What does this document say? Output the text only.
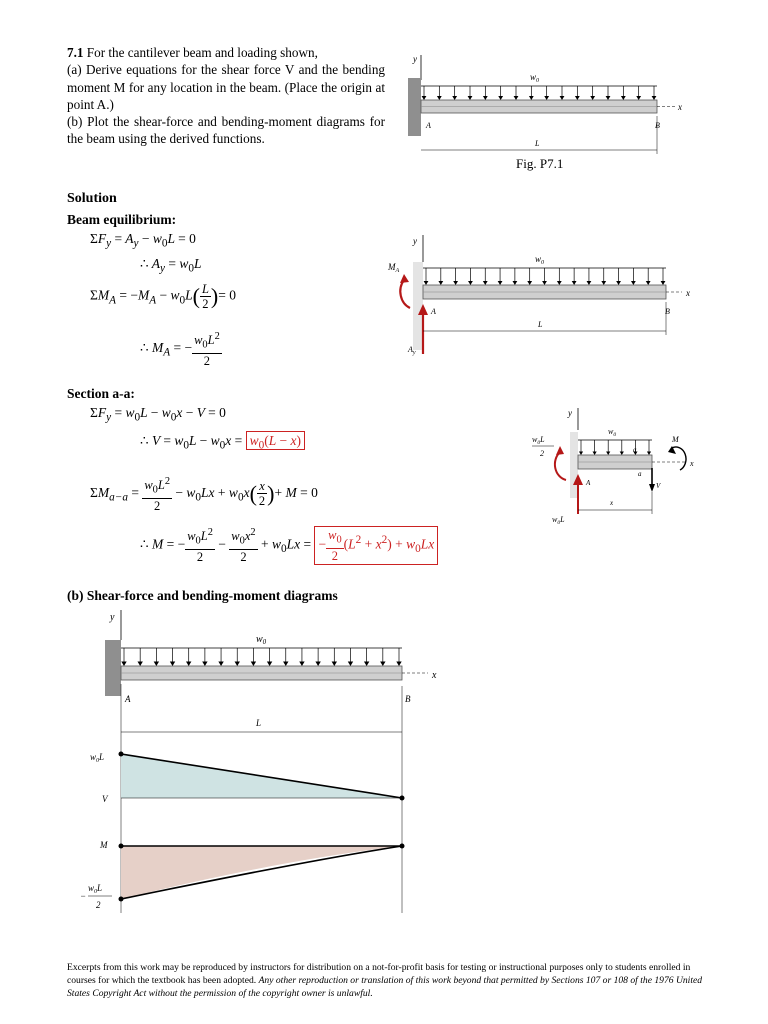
7.1 For the cantilever beam and loading shown,
(a) Derive equations for the shear force V and the bending moment M for any location in the beam. (Place the origin at point A.)
(b) Plot the shear-force and bending-moment diagrams for the beam using the derived functions.
y
x
$w_0$
A	B
L
Fig. P7.1
Solution
Beam equilibrium:
$\Sigma F_y = A_y - w_0L = 0$
∴ $A_y = w_0L$
$\Sigma M_A = -M_A - w_0L( \frac{L}{2}$ )= 0
∴ $M_A$ = − $\frac{w_0L^2}{2}$
y
$w_0$
x
$M_A$
$A_y$
A	B
L
Section a-a:
$\Sigma F_y = w_0L - w_0x - V = 0$
∴ $V = w_0L - w_0x = w_0(L - x)$
$\Sigma M_{a-a} = \frac{w_0L^2}{2} - w_0Lx + w_0x( \frac{x}{2}$ )+ M = 0
∴ M = − $\frac{w_0L^2}{2} - \frac{w_0x^2}{2} + w_0Lx$ = − $\frac{w_0}{2} (L^2 + x^2) + w_0Lx$
y
$w_0$
a
a
x
$w_0L$
2
$w_0L$
A	V
M
x
(b) Shear-force and bending-moment diagrams
y
$w_0$
x
A	B
L
$w_0L$
V
M
−
$w_0L$
2
Excerpts from this work may be reproduced by instructors for distribution on a not-for-profit basis for testing or instructional purposes only to students enrolled in courses for which the textbook has been adopted. Any other reproduction or translation of this work beyond that permitted by Sections 107 or 108 of the 1976 United States Copyright Act without the permission of the copyright owner is unlawful.
